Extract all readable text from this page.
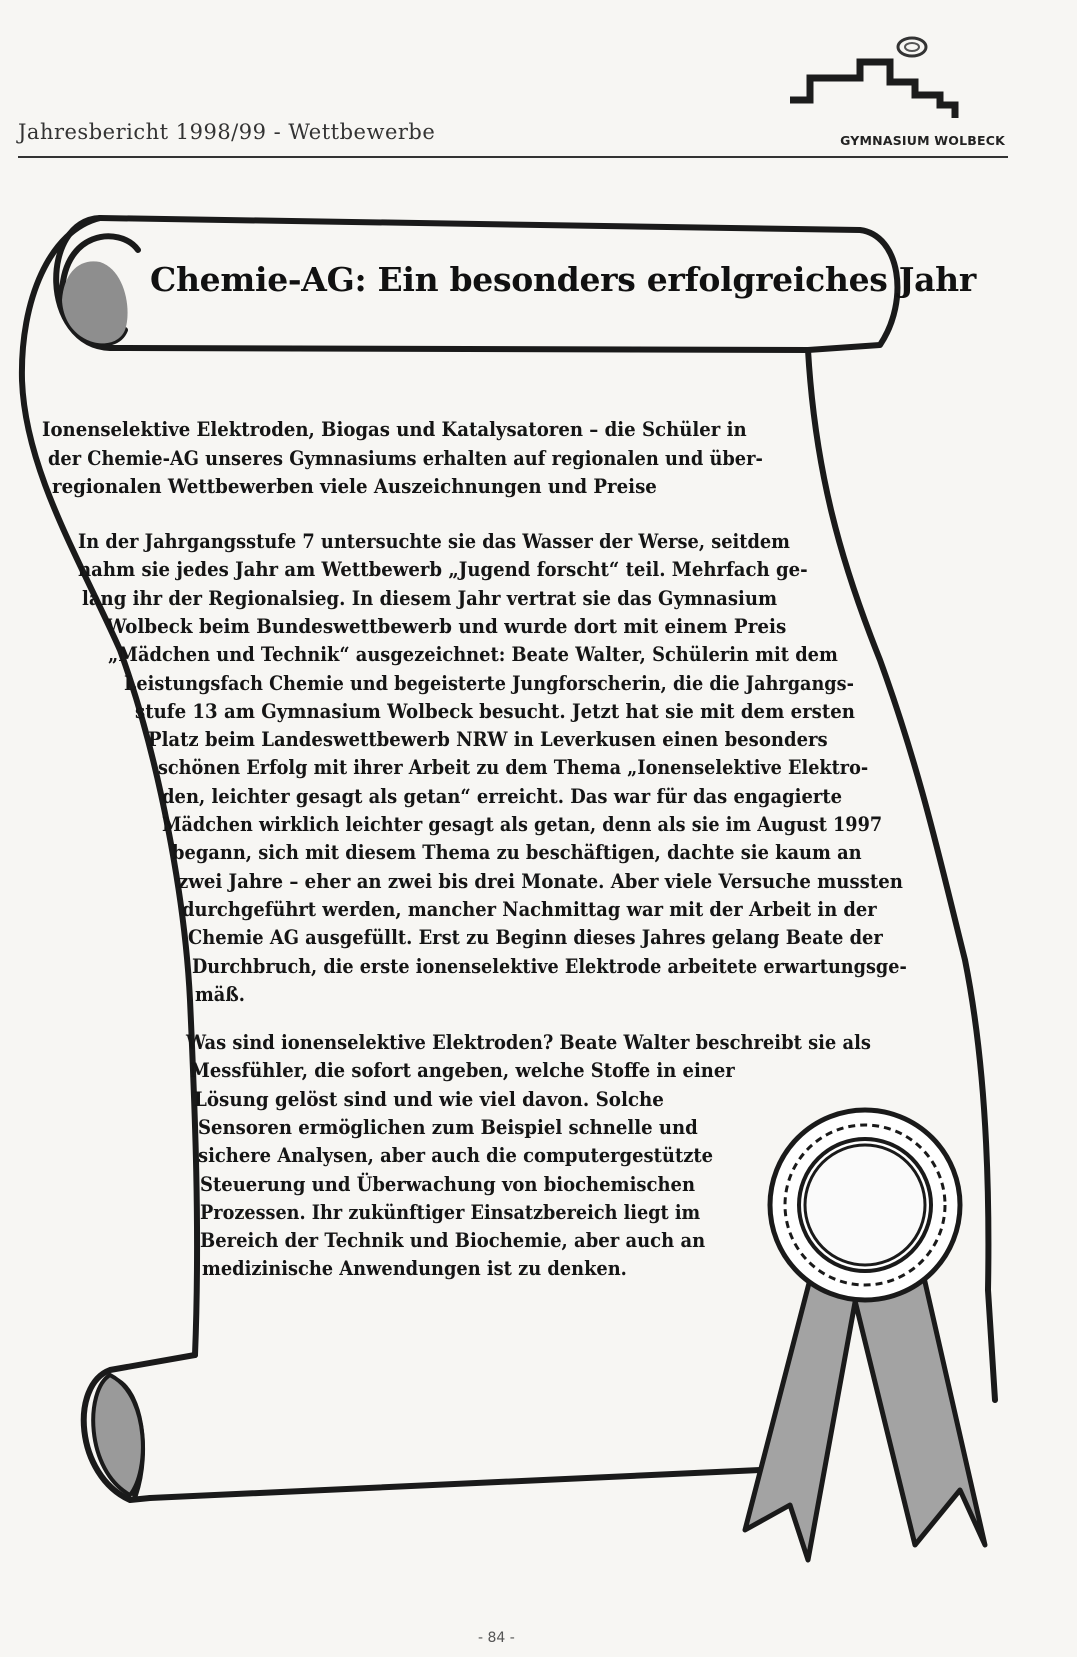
Jahresbericht 1998/99 - Wettbewerbe	GYMNASIUM WOLBECK
Chemie-AG: Ein besonders erfolgreiches Jahr
Ionenselektive Elektroden, Biogas und Katalysatoren – die Schüler in
der Chemie-AG unseres Gymnasiums erhalten auf regionalen und über-
regionalen Wettbewerben viele Auszeichnungen und Preise
In der Jahrgangsstufe 7 untersuchte sie das Wasser der Werse, seitdem
nahm sie jedes Jahr am Wettbewerb „Jugend forscht“ teil. Mehrfach ge-
lang ihr der Regionalsieg. In diesem Jahr vertrat sie das Gymnasium
Wolbeck beim Bundeswettbewerb und wurde dort mit einem Preis
„Mädchen und Technik“ ausgezeichnet: Beate Walter, Schülerin mit dem
Leistungsfach Chemie und begeisterte Jungforscherin, die die Jahrgangs-
stufe 13 am Gymnasium Wolbeck besucht. Jetzt hat sie mit dem ersten
Platz beim Landeswettbewerb NRW in Leverkusen einen besonders
schönen Erfolg mit ihrer Arbeit zu dem Thema „Ionenselektive Elektro-
den, leichter gesagt als getan“ erreicht. Das war für das engagierte
Mädchen wirklich leichter gesagt als getan, denn als sie im August 1997
begann, sich mit diesem Thema zu beschäftigen, dachte sie kaum an
zwei Jahre – eher an zwei bis drei Monate. Aber viele Versuche mussten
durchgeführt werden, mancher Nachmittag war mit der Arbeit in der
Chemie AG ausgefüllt. Erst zu Beginn dieses Jahres gelang Beate der
Durchbruch, die erste ionenselektive Elektrode arbeitete erwartungsge-
mäß.
Was sind ionenselektive Elektroden? Beate Walter beschreibt sie als
Messfühler, die sofort angeben, welche Stoffe in einer
Lösung gelöst sind und wie viel davon. Solche
Sensoren ermöglichen zum Beispiel schnelle und
sichere Analysen, aber auch die computergestützte
Steuerung und Überwachung von biochemischen
Prozessen. Ihr zukünftiger Einsatzbereich liegt im
Bereich der Technik und Biochemie, aber auch an
medizinische Anwendungen ist zu denken.
- 84 -
